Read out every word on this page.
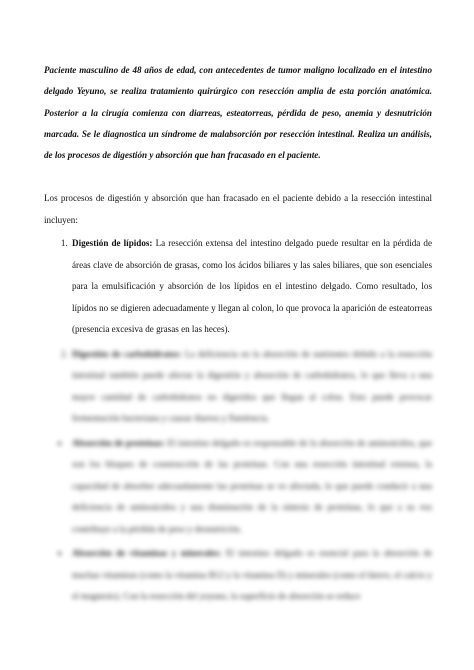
Paciente masculino de 48 años de edad, con antecedentes de tumor maligno localizado en el intestino delgado Yeyuno, se realiza tratamiento quirúrgico con resección amplia de esta porción anatómica. Posterior a la cirugía comienza con diarreas, esteatorreas, pérdida de peso, anemia y desnutrición marcada. Se le diagnostica un síndrome de malabsorción por resección intestinal. Realiza un análisis, de los procesos de digestión y absorción que han fracasado en el paciente.

Los procesos de digestión y absorción que han fracasado en el paciente debido a la resección intestinal incluyen:

1. Digestión de lípidos: La resección extensa del intestino delgado puede resultar en la pérdida de áreas clave de absorción de grasas, como los ácidos biliares y las sales biliares, que son esenciales para la emulsificación y absorción de los lípidos en el intestino delgado. Como resultado, los lípidos no se digieren adecuadamente y llegan al colon, lo que provoca la aparición de esteatorreas (presencia excesiva de grasas en las heces).
2. Digestión de carbohidratos: La deficiencia en la absorción de nutrientes debido a la resección intestinal también puede afectar la digestión y absorción de carbohidratos, lo que lleva a una mayor cantidad de carbohidratos no digeridos que llegan al colon. Esto puede provocar fermentación bacteriana y causar diarrea y flatulencia.
• Absorción de proteínas: El intestino delgado es responsable de la absorción de aminoácidos, que son los bloques de construcción de las proteínas. Con una resección intestinal extensa, la capacidad de absorber adecuadamente las proteínas se ve afectada, lo que puede conducir a una deficiencia de aminoácidos y una disminución de la síntesis de proteínas, lo que a su vez contribuye a la pérdida de peso y desnutrición.
• Absorción de vitaminas y minerales: El intestino delgado es esencial para la absorción de muchas vitaminas (como la vitamina B12 y la vitamina D) y minerales (como el hierro, el calcio y el magnesio). Con la resección del yeyuno, la superficie de absorción se reduce
